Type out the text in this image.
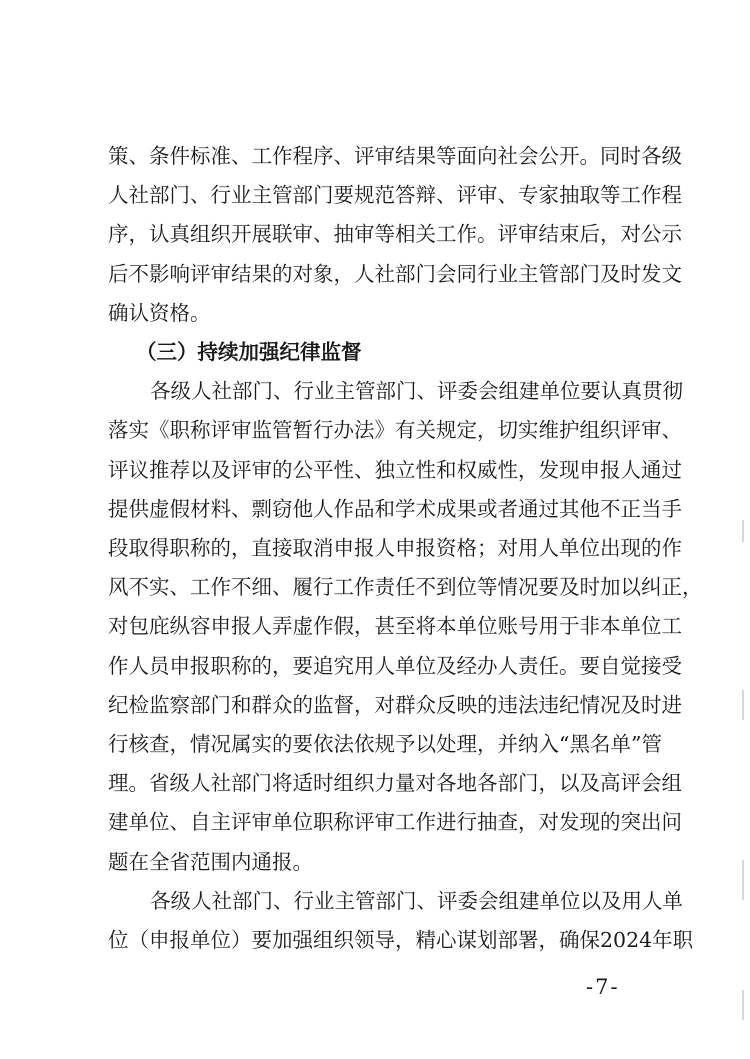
策、条件标准、工作程序、评审结果等面向社会公开。同时各级
人社部门、行业主管部门要规范答辩、评审、专家抽取等工作程
序，认真组织开展联审、抽审等相关工作。评审结束后，对公示
后不影响评审结果的对象，人社部门会同行业主管部门及时发文
确认资格。
（三）持续加强纪律监督
各级人社部门、行业主管部门、评委会组建单位要认真贯彻
落实《职称评审监管暂行办法》有关规定，切实维护组织评审、
评议推荐以及评审的公平性、独立性和权威性，发现申报人通过
提供虚假材料、剽窃他人作品和学术成果或者通过其他不正当手
段取得职称的，直接取消申报人申报资格；对用人单位出现的作
风不实、工作不细、履行工作责任不到位等情况要及时加以纠正，
对包庇纵容申报人弄虚作假，甚至将本单位账号用于非本单位工
作人员申报职称的，要追究用人单位及经办人责任。要自觉接受
纪检监察部门和群众的监督，对群众反映的违法违纪情况及时进
行核查，情况属实的要依法依规予以处理，并纳入“黑名单”管
理。省级人社部门将适时组织力量对各地各部门，以及高评会组
建单位、自主评审单位职称评审工作进行抽查，对发现的突出问
题在全省范围内通报。
各级人社部门、行业主管部门、评委会组建单位以及用人单
位（申报单位）要加强组织领导，精心谋划部署，确保2024年职
-7-
